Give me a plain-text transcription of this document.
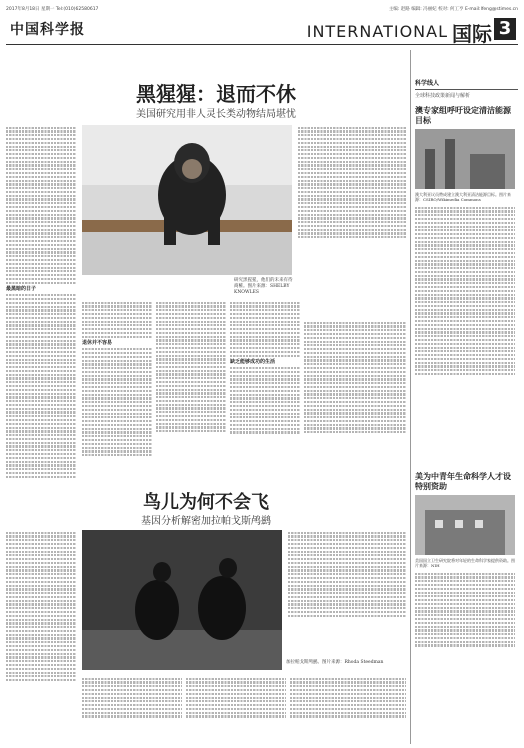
2017年8月18日 星期一 Tel:(010)62580617	主编: 赵路 编辑: 冯丽妃 校对: 何工亨 E-mail:lfeng@stimes.cn
中国科学报	INTERNATIONAL 国际 3
黑猩猩：退而不休
美国研究用非人灵长类动物结局堪忧
最黑暗的日子
研究黑猩猩，他们的未来有待商榷。图片来源：SHELBY KNOWLES
退休并不容易
缺乏能够成功的生活
鸟儿为何不会飞
基因分析解密加拉帕戈斯鸬鹚
加拉帕戈斯鸬鹚。图片来源：Rhoda Steedman
科学线人
全球科技政策新闻与解析
澳专家组呼吁设定清洁能源目标
澳大利亚议员赞成建立澳大利亚清洁能源目标。图片来源：CSIRO/Wikimedia Commons
美为中青年生命科学人才设特别资助
美国国立卫生研究院将对年轻的生命科学家提供资助。图片来源：NIH
